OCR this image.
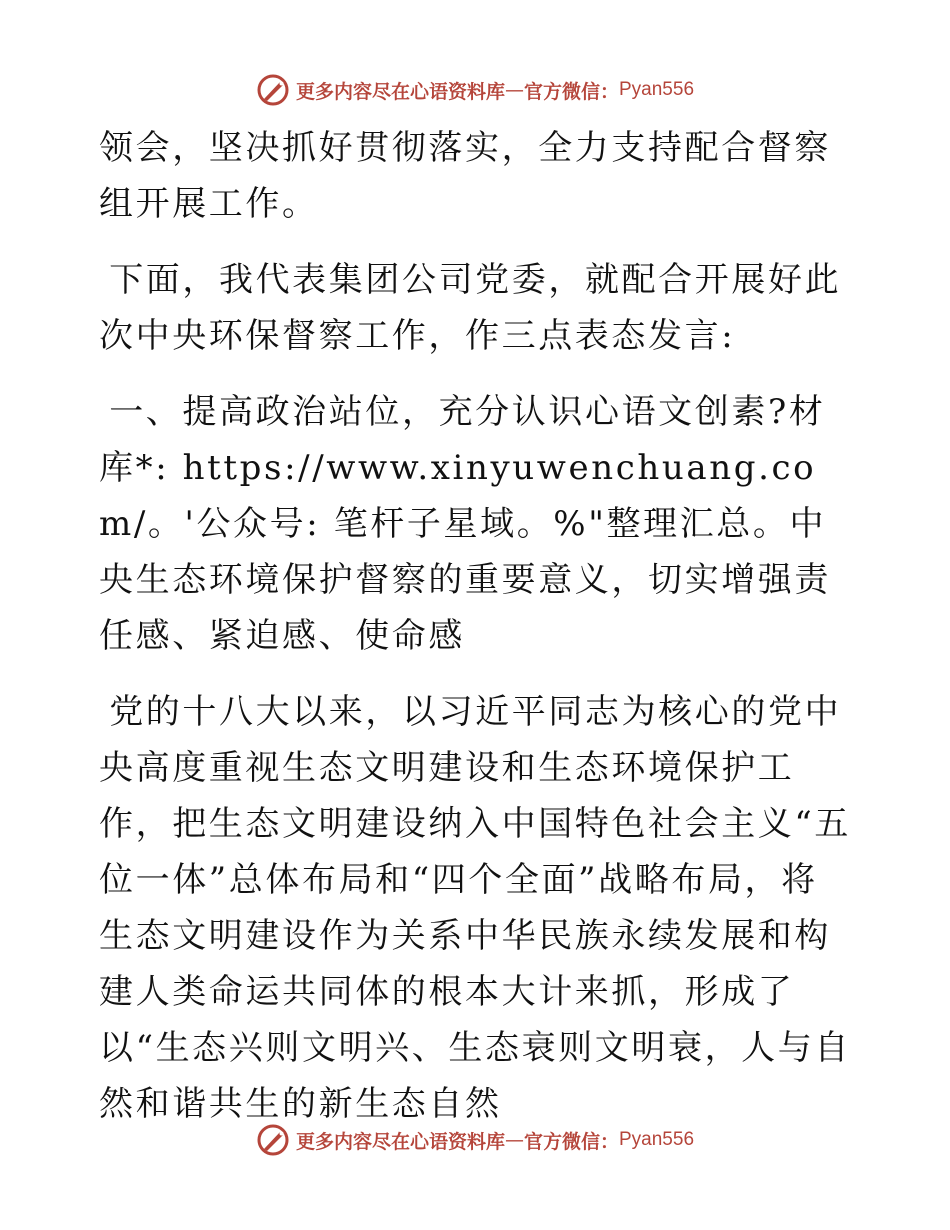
更多内容尽在心语资料库 — 官方微信： Pyan556

领会，坚决抓好贯彻落实，全力支持配合督察组开展工作。

下面，我代表集团公司党委，就配合开展好此次中央环保督察工作，作三点表态发言:

一、提高政治站位，充分认识心语文创素?材库*: https://www.xinyuwenchuang.com/。'公众号: 笔杆子星域。%"整理汇总。中央生态环境保护督察的重要意义，切实增强责任感、紧迫感、使命感

党的十八大以来，以习近平同志为核心的党中央高度重视生态文明建设和生态环境保护工作，把生态文明建设纳入中国特色社会主义“五位一体”总体布局和“四个全面”战略布局，将生态文明建设作为关系中华民族永续发展和构建人类命运共同体的根本大计来抓，形成了以“生态兴则文明兴、生态衰则文明衰，人与自然和谐共生的新生态自然

更多内容尽在心语资料库 — 官方微信： Pyan556
